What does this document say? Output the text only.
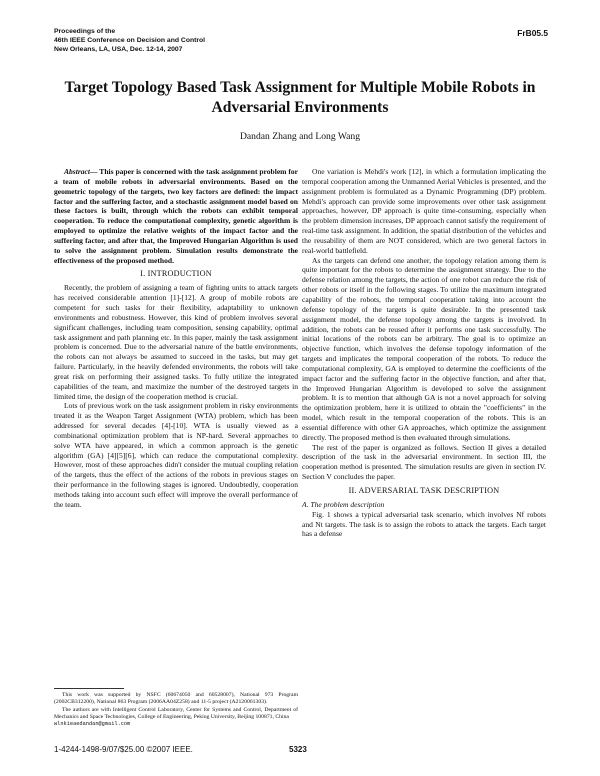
Proceedings of the
46th IEEE Conference on Decision and Control
New Orleans, LA, USA, Dec. 12-14, 2007
FrB05.5
Target Topology Based Task Assignment for Multiple Mobile Robots in Adversarial Environments
Dandan Zhang and Long Wang

Abstract— This paper is concerned with the task assignment problem for a team of mobile robots in adversarial environments. Based on the geometric topology of the targets, two key factors are defined: the impact factor and the suffering factor, and a stochastic assignment model based on these factors is built, through which the robots can exhibit temporal cooperation. To reduce the computational complexity, genetic algorithm is employed to optimize the relative weights of the impact factor and the suffering factor, and after that, the Improved Hungarian Algorithm is used to solve the assignment problem. Simulation results demonstrate the effectiveness of the proposed method.

I. INTRODUCTION

Recently, the problem of assigning a team of fighting units to attack targets has received considerable attention [1]-[12]. A group of mobile robots are competent for such tasks for their flexibility, adaptability to unknown environments and robustness. However, this kind of problem involves several significant challenges, including team composition, sensing capability, optimal task assignment and path planning etc. In this paper, mainly the task assignment problem is concerned. Due to the adversarial nature of the battle environments, the robots can not always be assumed to succeed in the tasks, but may get failure. Particularly, in the heavily defended environments, the robots will take great risk on performing their assigned tasks. To fully utilize the integrated capabilities of the team, and maximize the number of the destroyed targets in limited time, the design of the cooperation method is crucial.

Lots of previous work on the task assignment problem in risky environments treated it as the Weapon Target Assignment (WTA) problem, which has been addressed for several decades [4]-[10]. WTA is usually viewed as a combinational optimization problem that is NP-hard. Several approaches to solve WTA have appeared, in which a common approach is the genetic algorithm (GA) [4][5][6], which can reduce the computational complexity. However, most of these approaches didn't consider the mutual coupling relation of the targets, thus the effect of the actions of the robots in previous stages on their performance in the following stages is ignored. Undoubtedly, cooperation methods taking into account such effect will improve the overall performance of the team.

This work was supported by NSFC (60674050 and 60528007), National 973 Program (2002CB312200), National 863 Program (2006AA04Z258) and 11-5 project (A2120061303).

The authors are with Intelligent Control Laboratory, Center for Systems and Control, Department of Mechanics and Space Technologies, College of Engineering, Peking University, Beijing 100871, China

wlnkieaedandan@gmail.com

One variation is Mehdi's work [12], in which a formulation implicating the temporal cooperation among the Unmanned Aerial Vehicles is presented, and the assignment problem is formulated as a Dynamic Programming (DP) problem. Mehdi's approach can provide some improvements over other task assignment approaches, however, DP approach is quite time-consuming, especially when the problem dimension increases, DP approach cannot satisfy the requirement of real-time task assignment. In addition, the spatial distribution of the vehicles and the reusability of them are NOT considered, which are two general factors in real-world battlefield.

As the targets can defend one another, the topology relation among them is quite important for the robots to determine the assignment strategy. Due to the defense relation among the targets, the action of one robot can reduce the risk of other robots or itself in the following stages. To utilize the maximum integrated capability of the robots, the temporal cooperation taking into account the defense topology of the targets is quite desirable. In the presented task assignment model, the defense topology among the targets is involved. In addition, the robots can be reused after it performs one task successfully. The initial locations of the robots can be arbitrary. The goal is to optimize an objective function, which involves the defense topology information of the targets and implicates the temporal cooperation of the robots. To reduce the computational complexity, GA is employed to determine the coefficients of the impact factor and the suffering factor in the objective function, and after that, the Improved Hungarian Algorithm is developed to solve the assignment problem. It is to mention that although GA is not a novel approach for solving the optimization problem, here it is utilized to obtain the "coefficients" in the model, which result in the temporal cooperation of the robots. This is an essential difference with other GA approaches, which optimize the assignment directly. The proposed method is then evaluated through simulations.

The rest of the paper is organized as follows. Section II gives a detailed description of the task in the adversarial environment. In section III, the cooperation method is presented. The simulation results are given in section IV. Section V concludes the paper.

II. ADVERSARIAL TASK DESCRIPTION
A. The problem description

Fig. 1 shows a typical adversarial task scenario, which involves Nf robots and Nt targets. The task is to assign the robots to attack the targets. Each target has a defense

1-4244-1498-9/07/$25.00 ©2007 IEEE.	5323
